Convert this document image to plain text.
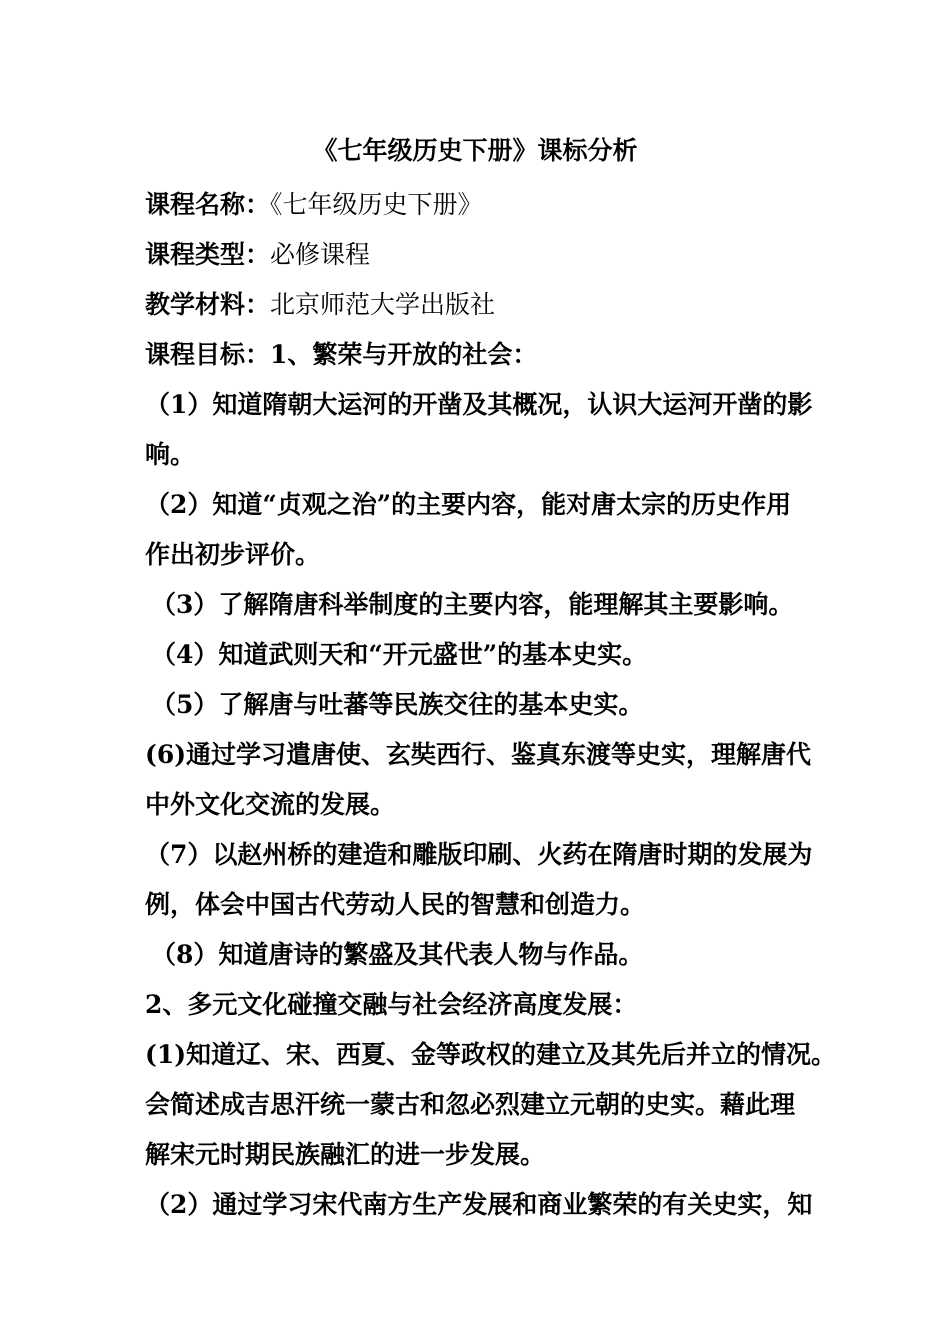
《七年级历史下册》课标分析
课程名称：《七年级历史下册》
课程类型：必修课程
教学材料：北京师范大学出版社
课程目标：1、繁荣与开放的社会：
（1）知道隋朝大运河的开凿及其概况，认识大运河开凿的影
响。
（2）知道“贞观之治”的主要内容，能对唐太宗的历史作用
作出初步评价。
（3）了解隋唐科举制度的主要内容，能理解其主要影响。
（4）知道武则天和“开元盛世”的基本史实。
（5）了解唐与吐蕃等民族交往的基本史实。
(6)通过学习遣唐使、玄奘西行、鉴真东渡等史实，理解唐代
中外文化交流的发展。
（7）以赵州桥的建造和雕版印刷、火药在隋唐时期的发展为
例，体会中国古代劳动人民的智慧和创造力。
（8）知道唐诗的繁盛及其代表人物与作品。
2、多元文化碰撞交融与社会经济高度发展：
(1)知道辽、宋、西夏、金等政权的建立及其先后并立的情况。
会简述成吉思汗统一蒙古和忽必烈建立元朝的史实。藉此理
解宋元时期民族融汇的进一步发展。
（2）通过学习宋代南方生产发展和商业繁荣的有关史实，知
